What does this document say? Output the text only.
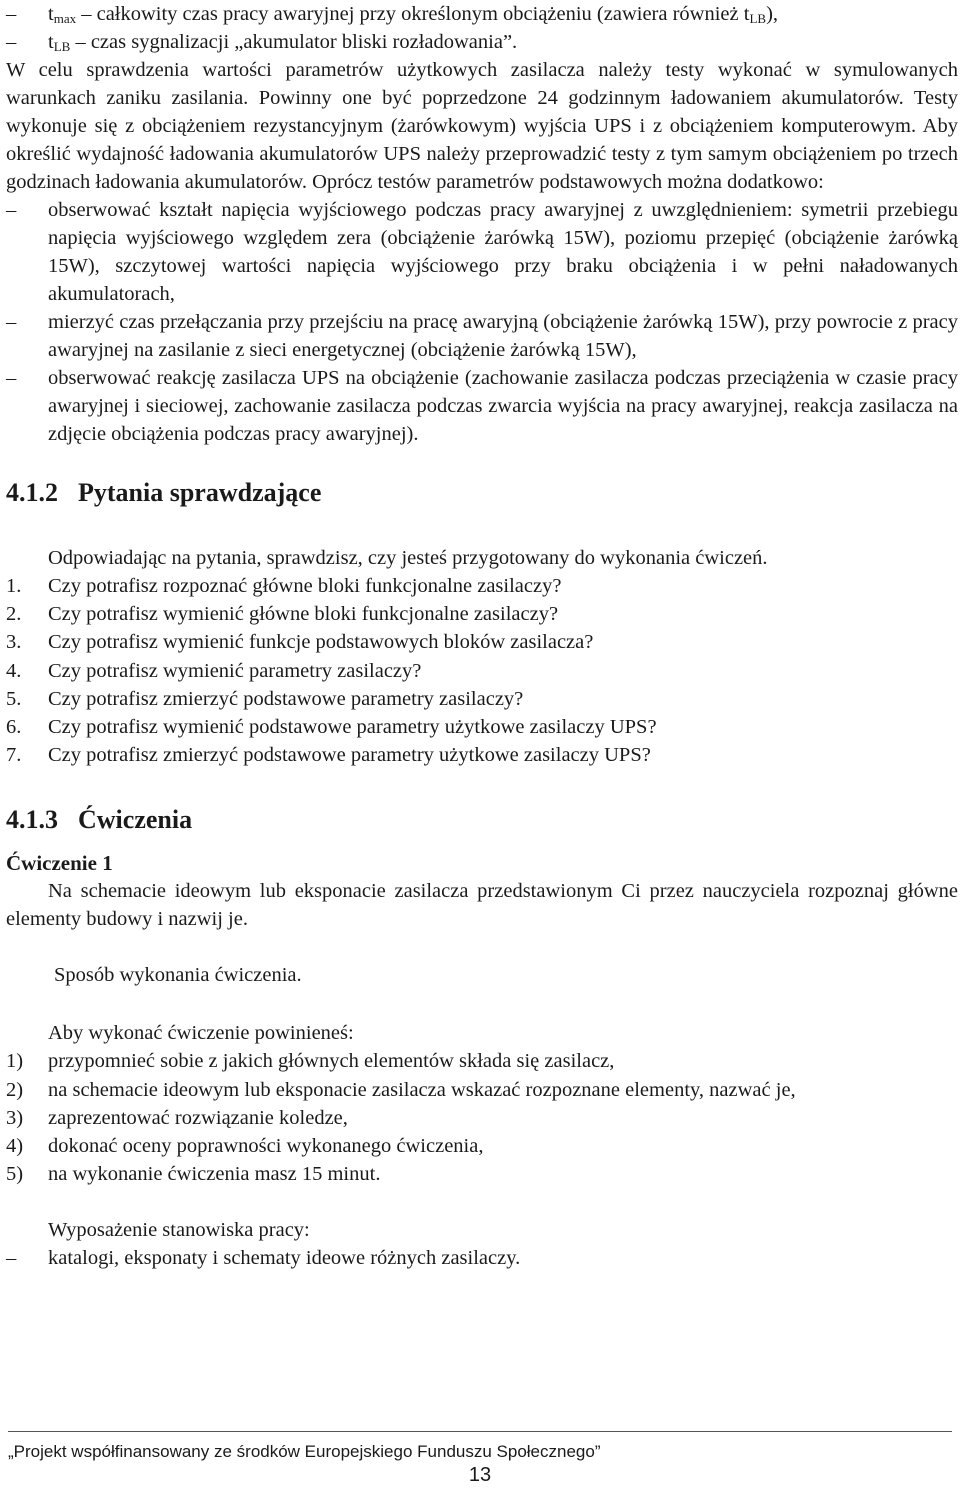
– $t_{max}$ – całkowity czas pracy awaryjnej przy określonym obciążeniu (zawiera również $t_{LB}$),
– $t_{LB}$ – czas sygnalizacji „akumulator bliski rozładowania”.

W celu sprawdzenia wartości parametrów użytkowych zasilacza należy testy wykonać w symulowanych warunkach zaniku zasilania. Powinny one być poprzedzone 24 godzinnym ładowaniem akumulatorów. Testy wykonuje się z obciążeniem rezystancyjnym (żarówkowym) wyjścia UPS i z obciążeniem komputerowym. Aby określić wydajność ładowania akumulatorów UPS należy przeprowadzić testy z tym samym obciążeniem po trzech godzinach ładowania akumulatorów. Oprócz testów parametrów podstawowych można dodatkowo:

– obserwować kształt napięcia wyjściowego podczas pracy awaryjnej z uwzględnieniem: symetrii przebiegu napięcia wyjściowego względem zera (obciążenie żarówką 15W), poziomu przepięć (obciążenie żarówką 15W), szczytowej wartości napięcia wyjściowego przy braku obciążenia i w pełni naładowanych akumulatorach,
– mierzyć czas przełączania przy przejściu na pracę awaryjną (obciążenie żarówką 15W), przy powrocie z pracy awaryjnej na zasilanie z sieci energetycznej (obciążenie żarówką 15W),
– obserwować reakcję zasilacza UPS na obciążenie (zachowanie zasilacza podczas przeciążenia w czasie pracy awaryjnej i sieciowej, zachowanie zasilacza podczas zwarcia wyjścia na pracy awaryjnej, reakcja zasilacza na zdjęcie obciążenia podczas pracy awaryjnej).
4.1.2 Pytania sprawdzające

Odpowiadając na pytania, sprawdzisz, czy jesteś przygotowany do wykonania ćwiczeń.

1. Czy potrafisz rozpoznać główne bloki funkcjonalne zasilaczy?
2. Czy potrafisz wymienić główne bloki funkcjonalne zasilaczy?
3. Czy potrafisz wymienić funkcje podstawowych bloków zasilacza?
4. Czy potrafisz wymienić parametry zasilaczy?
5. Czy potrafisz zmierzyć podstawowe parametry zasilaczy?
6. Czy potrafisz wymienić podstawowe parametry użytkowe zasilaczy UPS?
7. Czy potrafisz zmierzyć podstawowe parametry użytkowe zasilaczy UPS?
4.1.3 Ćwiczenia
Ćwiczenie 1

Na schemacie ideowym lub eksponacie zasilacza przedstawionym Ci przez nauczyciela rozpoznaj główne elementy budowy i nazwij je.

Sposób wykonania ćwiczenia.

Aby wykonać ćwiczenie powinieneś:

1) przypomnieć sobie z jakich głównych elementów składa się zasilacz,
2) na schemacie ideowym lub eksponacie zasilacza wskazać rozpoznane elementy, nazwać je,
3) zaprezentować rozwiązanie koledze,
4) dokonać oceny poprawności wykonanego ćwiczenia,
5) na wykonanie ćwiczenia masz 15 minut.

Wyposażenie stanowiska pracy:

– katalogi, eksponaty i schematy ideowe różnych zasilaczy.
„Projekt współfinansowany ze środków Europejskiego Funduszu Społecznego”
13
